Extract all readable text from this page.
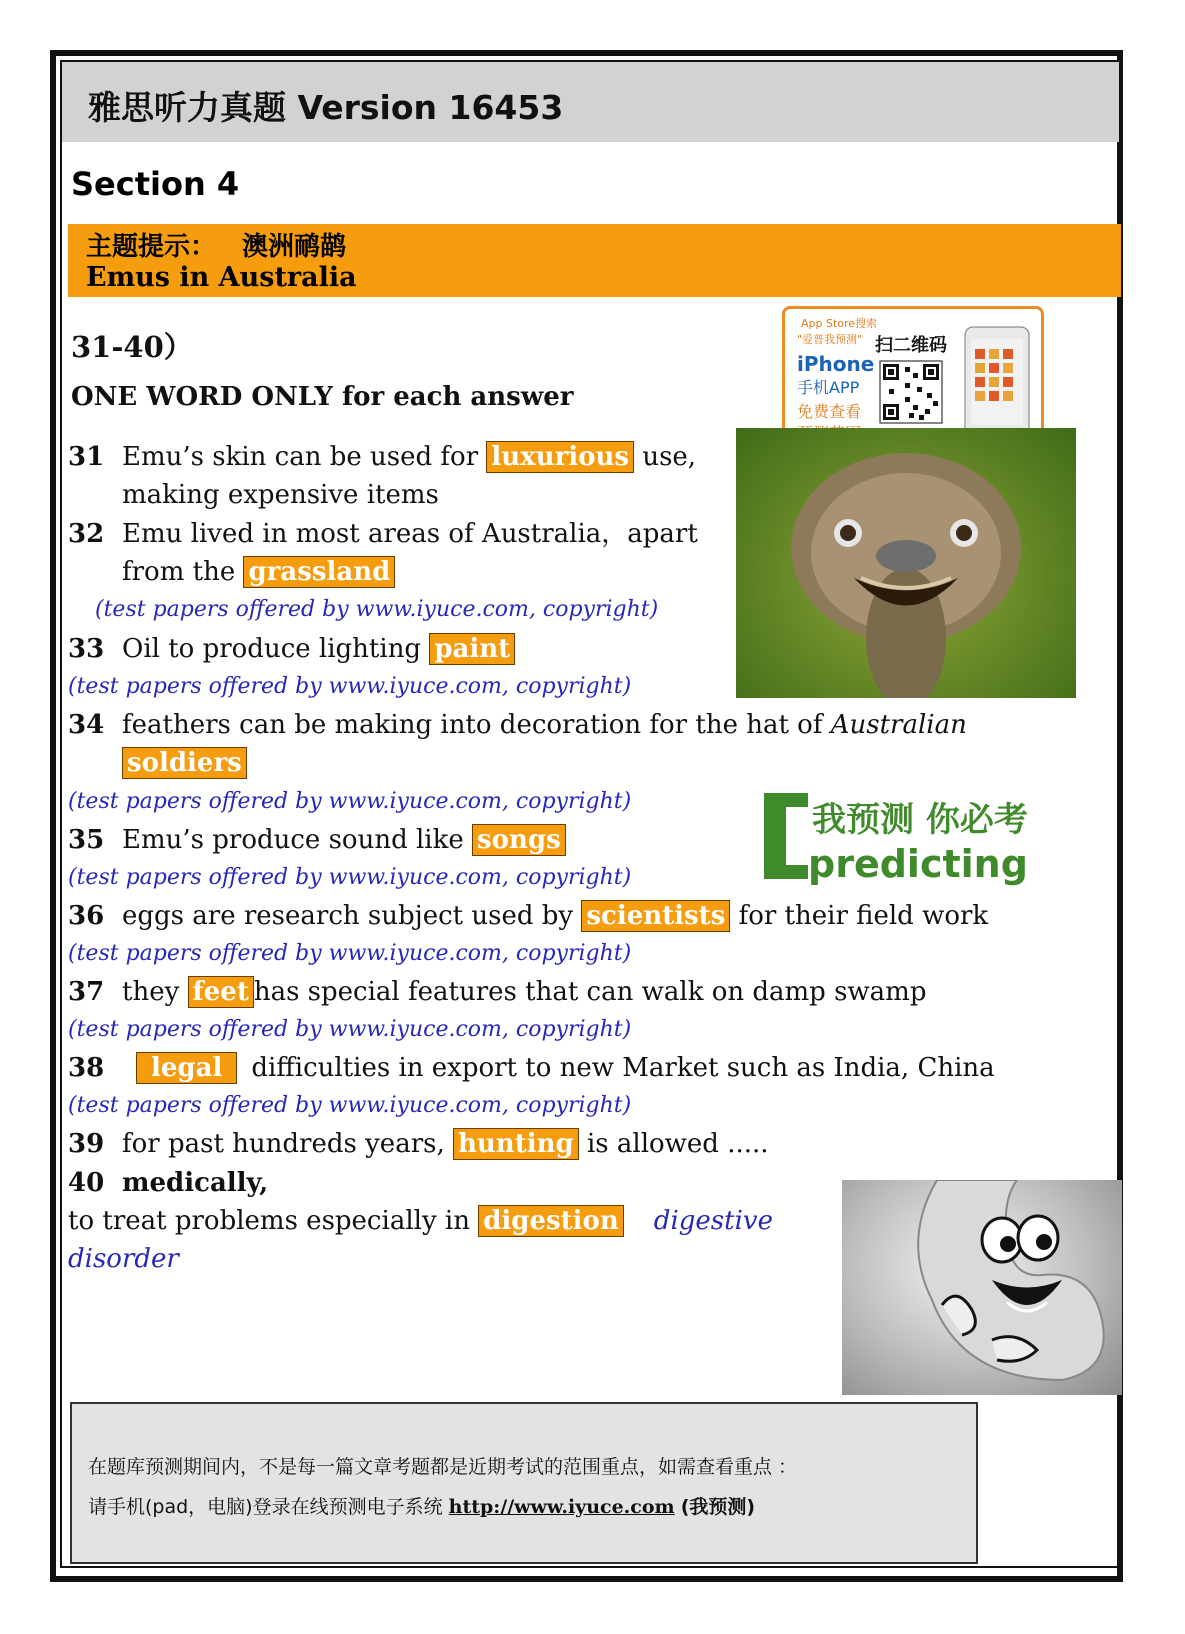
雅思听力真题 Version 16453
Section 4
主题提示： 澳洲鸸鹋
Emus in Australia
31-40）
ONE WORD ONLY for each answer
App Store搜索
"爱普我预测"
iPhone
手机APP
免费查看
扫二维码
我预测 你必考
predicting
31 Emu’s skin can be used for luxurious use,
making expensive items
32 Emu lived in most areas of Australia，apart
from the grassland
(test papers offered by www.iyuce.com, copyright)
33 Oil to produce lighting paint
(test papers offered by www.iyuce.com, copyright)
34 feathers can be making into decoration for the hat of Australian
soldiers
(test papers offered by www.iyuce.com, copyright)
35 Emu’s produce sound like songs
(test papers offered by www.iyuce.com, copyright)
36 eggs are research subject used by scientists for their field work
(test papers offered by www.iyuce.com, copyright)
37 they feet has special features that can walk on damp swamp
(test papers offered by www.iyuce.com, copyright)
38 legal difficulties in export to new Market such as India, China
(test papers offered by www.iyuce.com, copyright)
39 for past hundreds years, hunting is allowed .....
40 medically,
to treat problems especially in digestion digestive
disorder
在题库预测期间内，不是每一篇文章考题都是近期考试的范围重点，如需查看重点 ：
请手机(pad，电脑)登录在线预测电子系统 http://www.iyuce.com (我预测)
